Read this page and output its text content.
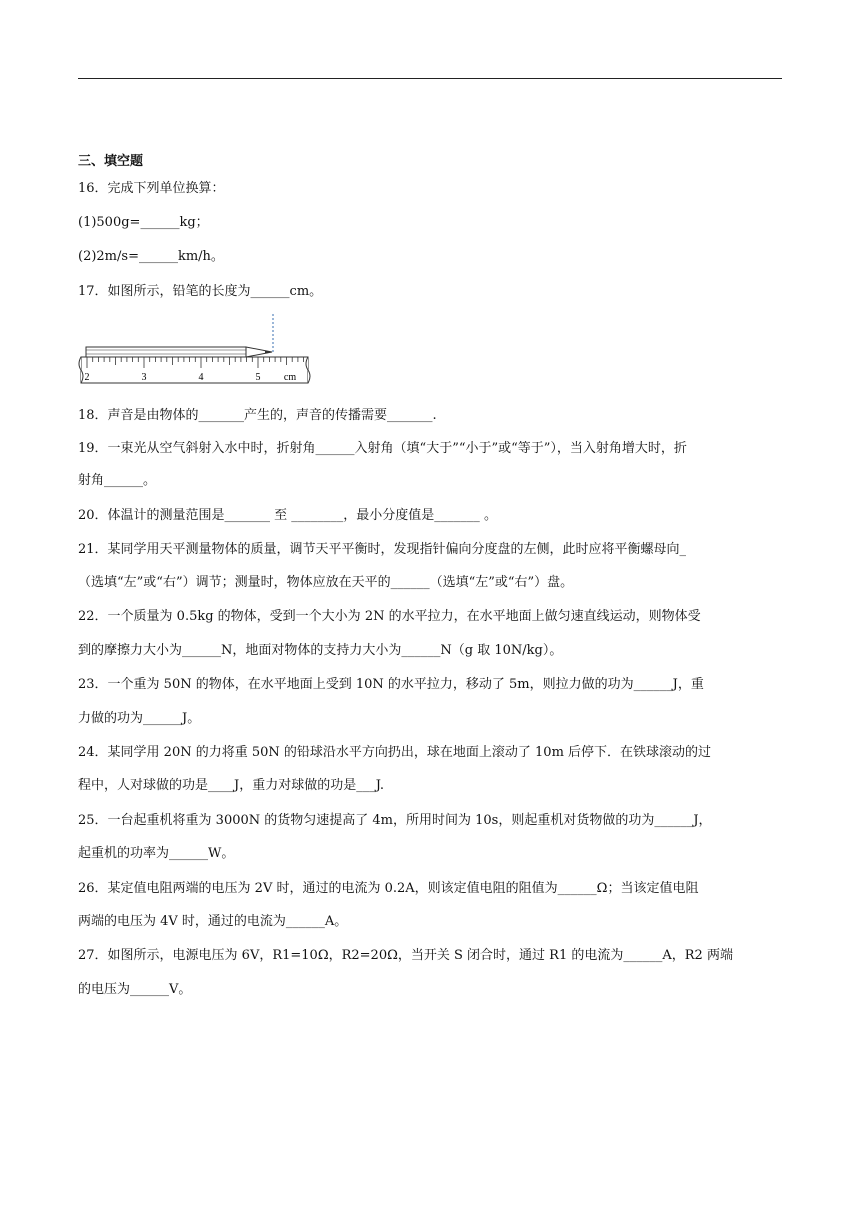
三、填空题
16．完成下列单位换算：
(1)500g=______kg；
(2)2m/s=______km/h。
17．如图所示，铅笔的长度为______cm。
2	3	4	5 cm
18．声音是由物体的_______产生的，声音的传播需要_______.
19．一束光从空气斜射入水中时，折射角______入射角（填“大于”“小于”或“等于”），当入射角增大时，折
射角______。
20．体温计的测量范围是_______ 至 ________，最小分度值是_______ 。
21．某同学用天平测量物体的质量，调节天平平衡时，发现指针偏向分度盘的左侧，此时应将平衡螺母向_
（选填“左”或“右”）调节；测量时，物体应放在天平的______（选填“左”或“右”）盘。
22．一个质量为 0.5kg 的物体，受到一个大小为 2N 的水平拉力，在水平地面上做匀速直线运动，则物体受
到的摩擦力大小为______N，地面对物体的支持力大小为______N（g 取 10N/kg）。
23．一个重为 50N 的物体，在水平地面上受到 10N 的水平拉力，移动了 5m，则拉力做的功为______J，重
力做的功为______J。
24．某同学用 20N 的力将重 50N 的铅球沿水平方向扔出，球在地面上滚动了 10m 后停下．在铁球滚动的过
程中，人对球做的功是____J，重力对球做的功是___J.
25．一台起重机将重为 3000N 的货物匀速提高了 4m，所用时间为 10s，则起重机对货物做的功为______J，
起重机的功率为______W。
26．某定值电阻两端的电压为 2V 时，通过的电流为 0.2A，则该定值电阻的阻值为______Ω；当该定值电阻
两端的电压为 4V 时，通过的电流为______A。
27．如图所示，电源电压为 6V，R1=10Ω，R2=20Ω，当开关 S 闭合时，通过 R1 的电流为______A，R2 两端
的电压为______V。
